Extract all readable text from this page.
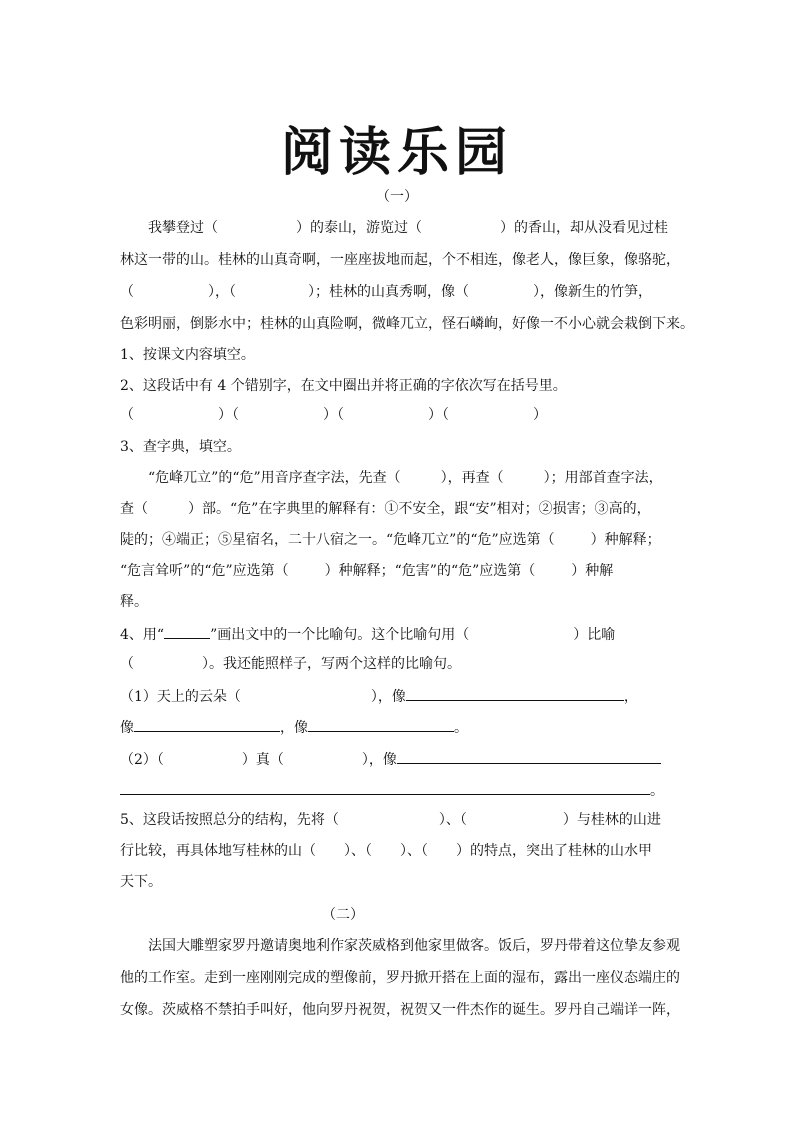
阅读乐园
（一）
我攀登过（	）的泰山，游览过（	）的香山，却从没看见过桂
林这一带的山。桂林的山真奇啊，一座座拔地而起，个不相连，像老人，像巨象，像骆驼，
（	），（	）；桂林的山真秀啊，像（	），像新生的竹笋，
色彩明丽，倒影水中；桂林的山真险啊，微峰兀立，怪石嶙峋，好像一不小心就会栽倒下来。
1、按课文内容填空。
2、这段话中有 4 个错别字，在文中圈出并将正确的字依次写在括号里。
（	）（	）（	）（	）
3、查字典，填空。
“危峰兀立”的“危”用音序查字法，先查（	），再查（	）；用部首查字法，
查（	）部。“危”在字典里的解释有：①不安全，跟“安”相对；②损害；③高的，
陡的；④端正；⑤星宿名，二十八宿之一。“危峰兀立”的“危”应选第（	）种解释；
“危言耸听”的“危”应选第（	）种解释；“危害”的“危”应选第（	）种解
释。
4、用“	”画出文中的一个比喻句。这个比喻句用（	）比喻
（	）。我还能照样子，写两个这样的比喻句。
（1）天上的云朵（	），像	，
像	，像	。
（2）（	）真（	），像
。
5、这段话按照总分的结构，先将（	）、（	）与桂林的山进
行比较，再具体地写桂林的山（ ）、（ ）、（ ）的特点，突出了桂林的山水甲
天下。
（二）
法国大雕塑家罗丹邀请奥地利作家茨威格到他家里做客。饭后，罗丹带着这位挚友参观
他的工作室。走到一座刚刚完成的塑像前，罗丹掀开搭在上面的湿布，露出一座仪态端庄的
女像。茨威格不禁拍手叫好，他向罗丹祝贺，祝贺又一件杰作的诞生。罗丹自己端详一阵，
